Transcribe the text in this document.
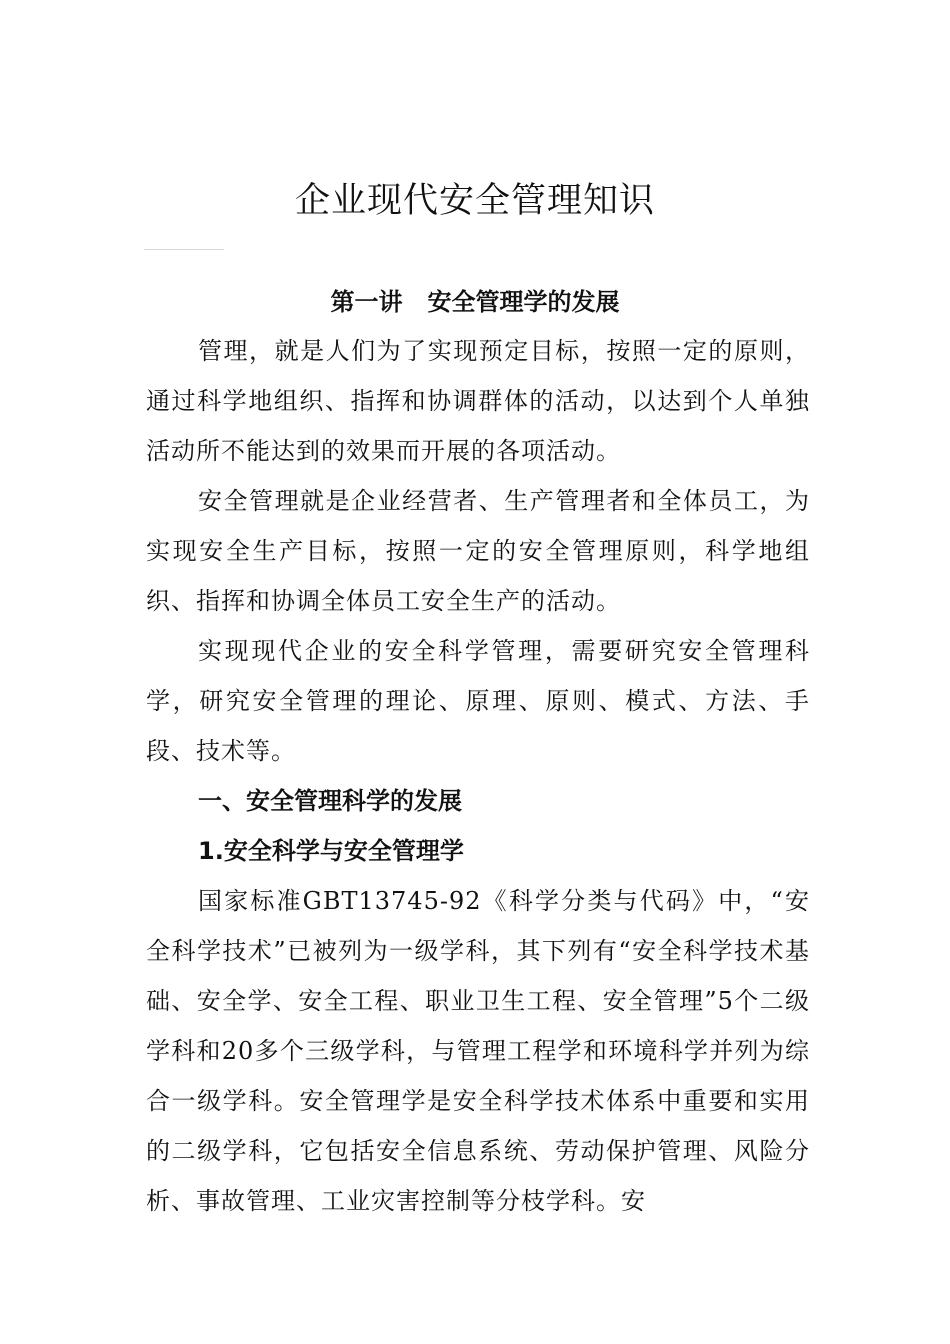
企业现代安全管理知识
第一讲   安全管理学的发展

管理，就是人们为了实现预定目标，按照一定的原则，通过科学地组织、指挥和协调群体的活动，以达到个人单独活动所不能达到的效果而开展的各项活动。

安全管理就是企业经营者、生产管理者和全体员工，为实现安全生产目标，按照一定的安全管理原则，科学地组织、指挥和协调全体员工安全生产的活动。

实现现代企业的安全科学管理，需要研究安全管理科学，研究安全管理的理论、原理、原则、模式、方法、手段、技术等。

一、安全管理科学的发展

1.安全科学与安全管理学

国家标准GBT13745-92《科学分类与代码》中，“安全科学技术”已被列为一级学科，其下列有“安全科学技术基础、安全学、安全工程、职业卫生工程、安全管理”5个二级学科和20多个三级学科，与管理工程学和环境科学并列为综合一级学科。安全管理学是安全科学技术体系中重要和实用的二级学科，它包括安全信息系统、劳动保护管理、风险分析、事故管理、工业灾害控制等分枝学科。安
